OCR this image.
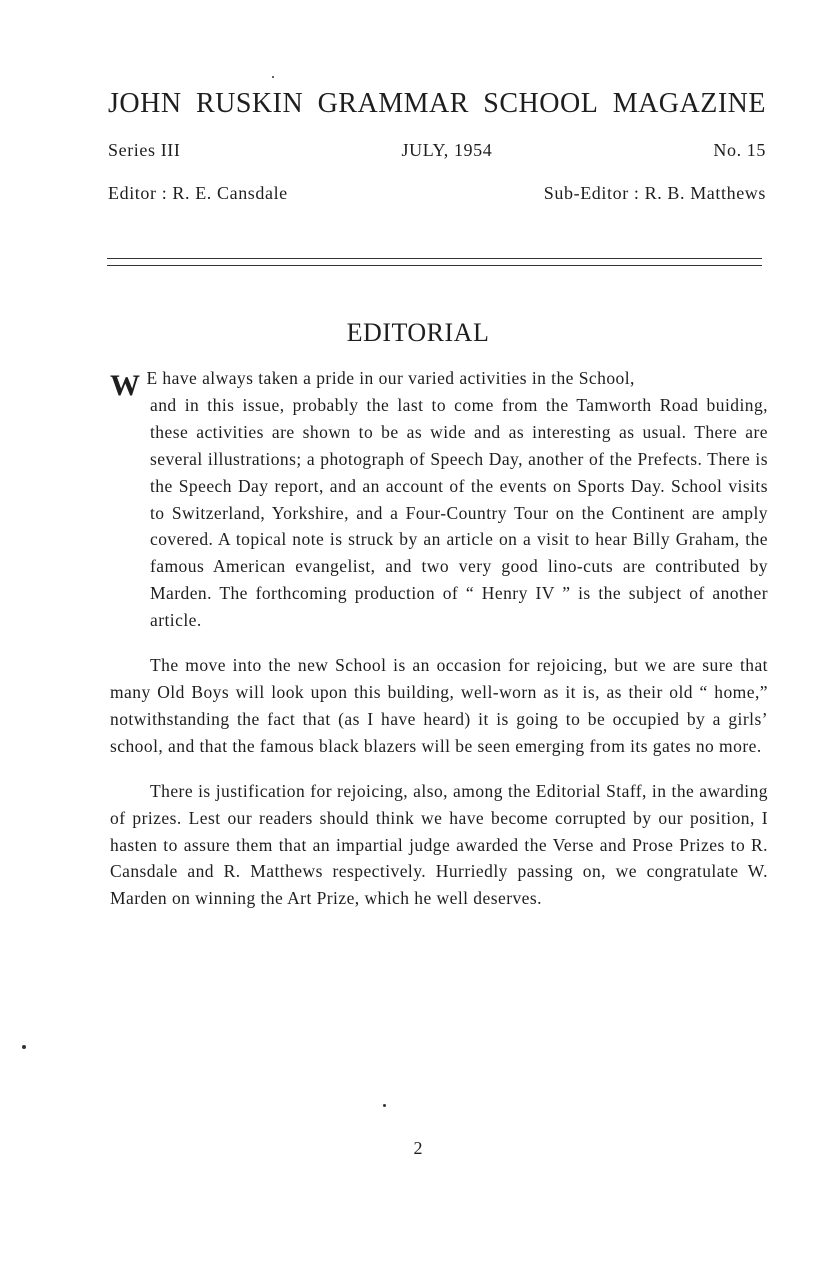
JOHN RUSKIN GRAMMAR SCHOOL MAGAZINE
Series III	JULY, 1954	No. 15
Editor : R. E. Cansdale	Sub-Editor : R. B. Matthews
EDITORIAL

W E have always taken a pride in our varied activities in the School,
and in this issue, probably the last to come from the Tamworth Road buiding, these activities are shown to be as wide and as interesting as usual. There are several illustrations; a photograph of Speech Day, another of the Prefects. There is the Speech Day report, and an account of the events on Sports Day. School visits to Switzerland, Yorkshire, and a Four-Country Tour on the Continent are amply covered. A topical note is struck by an article on a visit to hear Billy Graham, the famous American evangelist, and two very good lino-cuts are contributed by Marden. The forthcoming production of “ Henry IV ” is the subject of another article.

The move into the new School is an occasion for rejoicing, but we are sure that many Old Boys will look upon this building, well-worn as it is, as their old “ home,” notwithstanding the fact that (as I have heard) it is going to be occupied by a girls’ school, and that the famous black blazers will be seen emerging from its gates no more.

There is justification for rejoicing, also, among the Editorial Staff, in the awarding of prizes. Lest our readers should think we have become corrupted by our position, I hasten to assure them that an impartial judge awarded the Verse and Prose Prizes to R. Cansdale and R. Matthews respectively. Hurriedly passing on, we congratulate W. Marden on winning the Art Prize, which he well deserves.

2
